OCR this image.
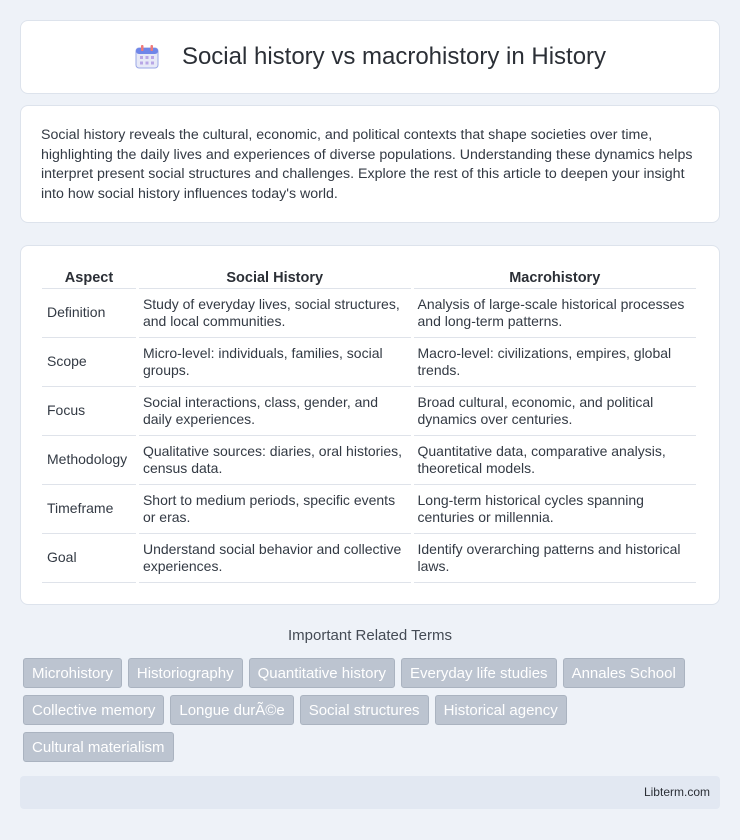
Social history vs macrohistory in History

Social history reveals the cultural, economic, and political contexts that shape societies over time, highlighting the daily lives and experiences of diverse populations. Understanding these dynamics helps interpret present social structures and challenges. Explore the rest of this article to deepen your insight into how social history influences today's world.

Aspect	Social History	Macrohistory
Definition	Study of everyday lives, social structures, and local communities.	Analysis of large-scale historical processes and long-term patterns.
Scope	Micro-level: individuals, families, social groups.	Macro-level: civilizations, empires, global trends.
Focus	Social interactions, class, gender, and daily experiences.	Broad cultural, economic, and political dynamics over centuries.
Methodology	Qualitative sources: diaries, oral histories, census data.	Quantitative data, comparative analysis, theoretical models.
Timeframe	Short to medium periods, specific events or eras.	Long-term historical cycles spanning centuries or millennia.
Goal	Understand social behavior and collective experiences.	Identify overarching patterns and historical laws.
Important Related Terms
Microhistory	Historiography	Quantitative history	Everyday life studies	Annales School
Collective memory	Longue durÃ©e	Social structures	Historical agency
Cultural materialism
Libterm.com
